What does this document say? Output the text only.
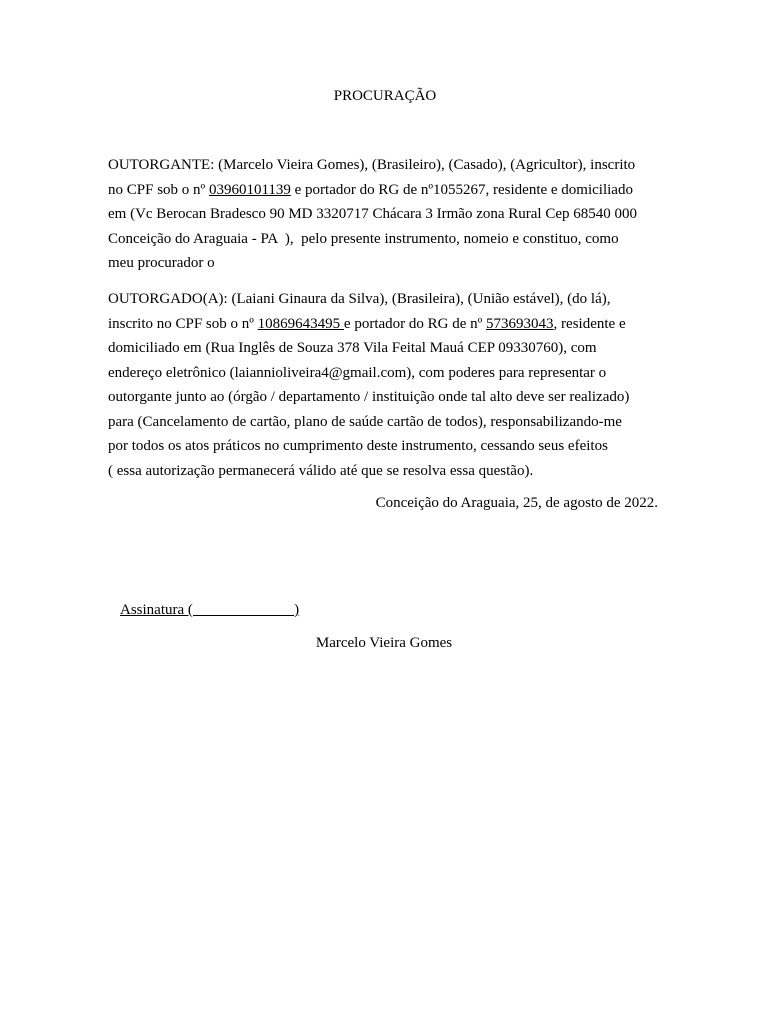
PROCURAÇÃO
OUTORGANTE: (Marcelo Vieira Gomes), (Brasileiro), (Casado), (Agricultor), inscrito
no CPF sob o nº 03960101139 e portador do RG de nº1055267, residente e domiciliado
em (Vc Berocan Bradesco 90 MD 3320717 Chácara 3 Irmão zona Rural Cep 68540 000
Conceição do Araguaia - PA  ),  pelo presente instrumento, nomeio e constituo, como
meu procurador o
OUTORGADO(A): (Laiani Ginaura da Silva), (Brasileira), (União estável), (do lá),
inscrito no CPF sob o nº 10869643495 e portador do RG de nº 573693043, residente e
domiciliado em (Rua Inglês de Souza 378 Vila Feital Mauá CEP 09330760), com
endereço eletrônico (laiannioliveira4@gmail.com), com poderes para representar o
outorgante junto ao (órgão / departamento / instituição onde tal alto deve ser realizado)
para (Cancelamento de cartão, plano de saúde cartão de todos), responsabilizando-me
por todos os atos práticos no cumprimento deste instrumento, cessando seus efeitos
( essa autorização permanecerá válido até que se resolva essa questão).
Conceição do Araguaia, 25, de agosto de 2022.
Assinatura (                           )
Marcelo Vieira Gomes
